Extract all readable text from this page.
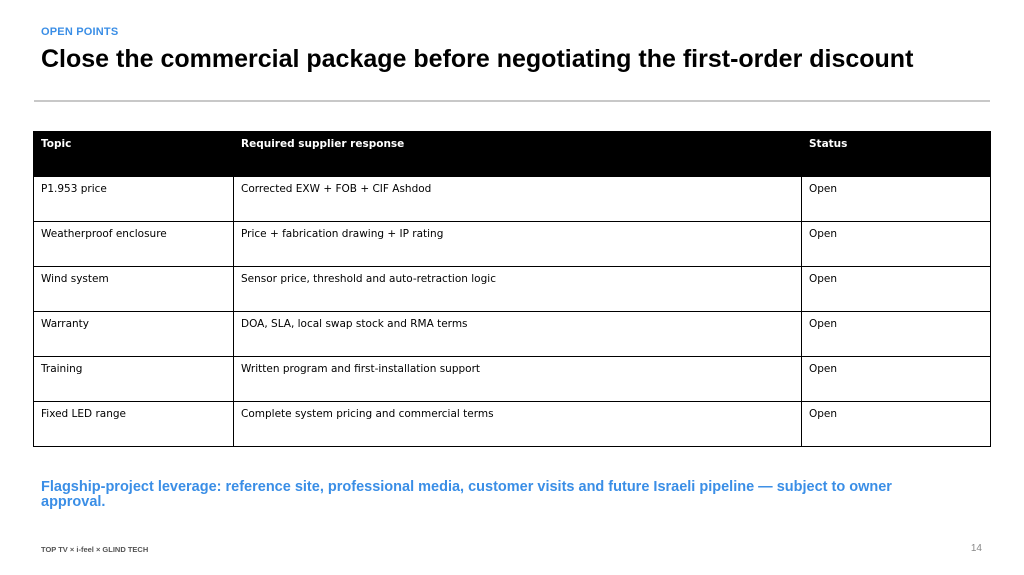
OPEN POINTS
Close the commercial package before negotiating the first-order discount
Topic	Required supplier response	Status
P1.953 price	Corrected EXW + FOB + CIF Ashdod	Open
Weatherproof enclosure	Price + fabrication drawing + IP rating	Open
Wind system	Sensor price, threshold and auto-retraction logic	Open
Warranty	DOA, SLA, local swap stock and RMA terms	Open
Training	Written program and first-installation support	Open
Fixed LED range	Complete system pricing and commercial terms	Open

Flagship-project leverage: reference site, professional media, customer visits and future Israeli pipeline — subject to owner approval.

TOP TV × i-feel × GLIND TECH	14
